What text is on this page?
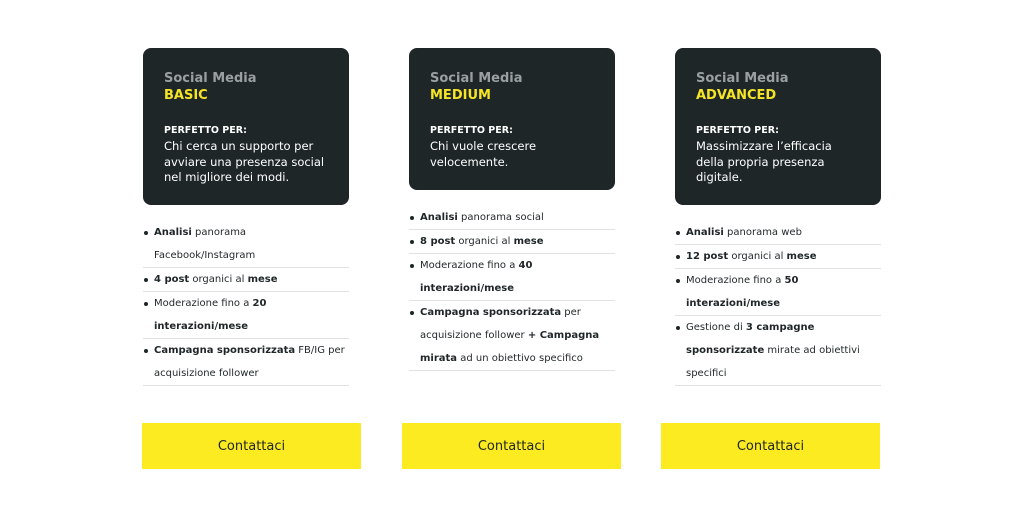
Social Media
BASIC
PERFETTO PER:
Chi cerca un supporto per avviare una presenza social nel migliore dei modi.
Analisi panorama Facebook/Instagram
4 post organici al mese
Moderazione fino a 20 interazioni/mese
Campagna sponsorizzata FB/IG per acquisizione follower
Contattaci
Social Media
MEDIUM
PERFETTO PER:
Chi vuole crescere velocemente.
Analisi panorama social
8 post organici al mese
Moderazione fino a 40 interazioni/mese
Campagna sponsorizzata per acquisizione follower + Campagna mirata ad un obiettivo specifico
Contattaci
Social Media
ADVANCED
PERFETTO PER:
Massimizzare l’efficacia della propria presenza digitale.
Analisi panorama web
12 post organici al mese
Moderazione fino a 50 interazioni/mese
Gestione di 3 campagne sponsorizzate mirate ad obiettivi specifici
Contattaci
